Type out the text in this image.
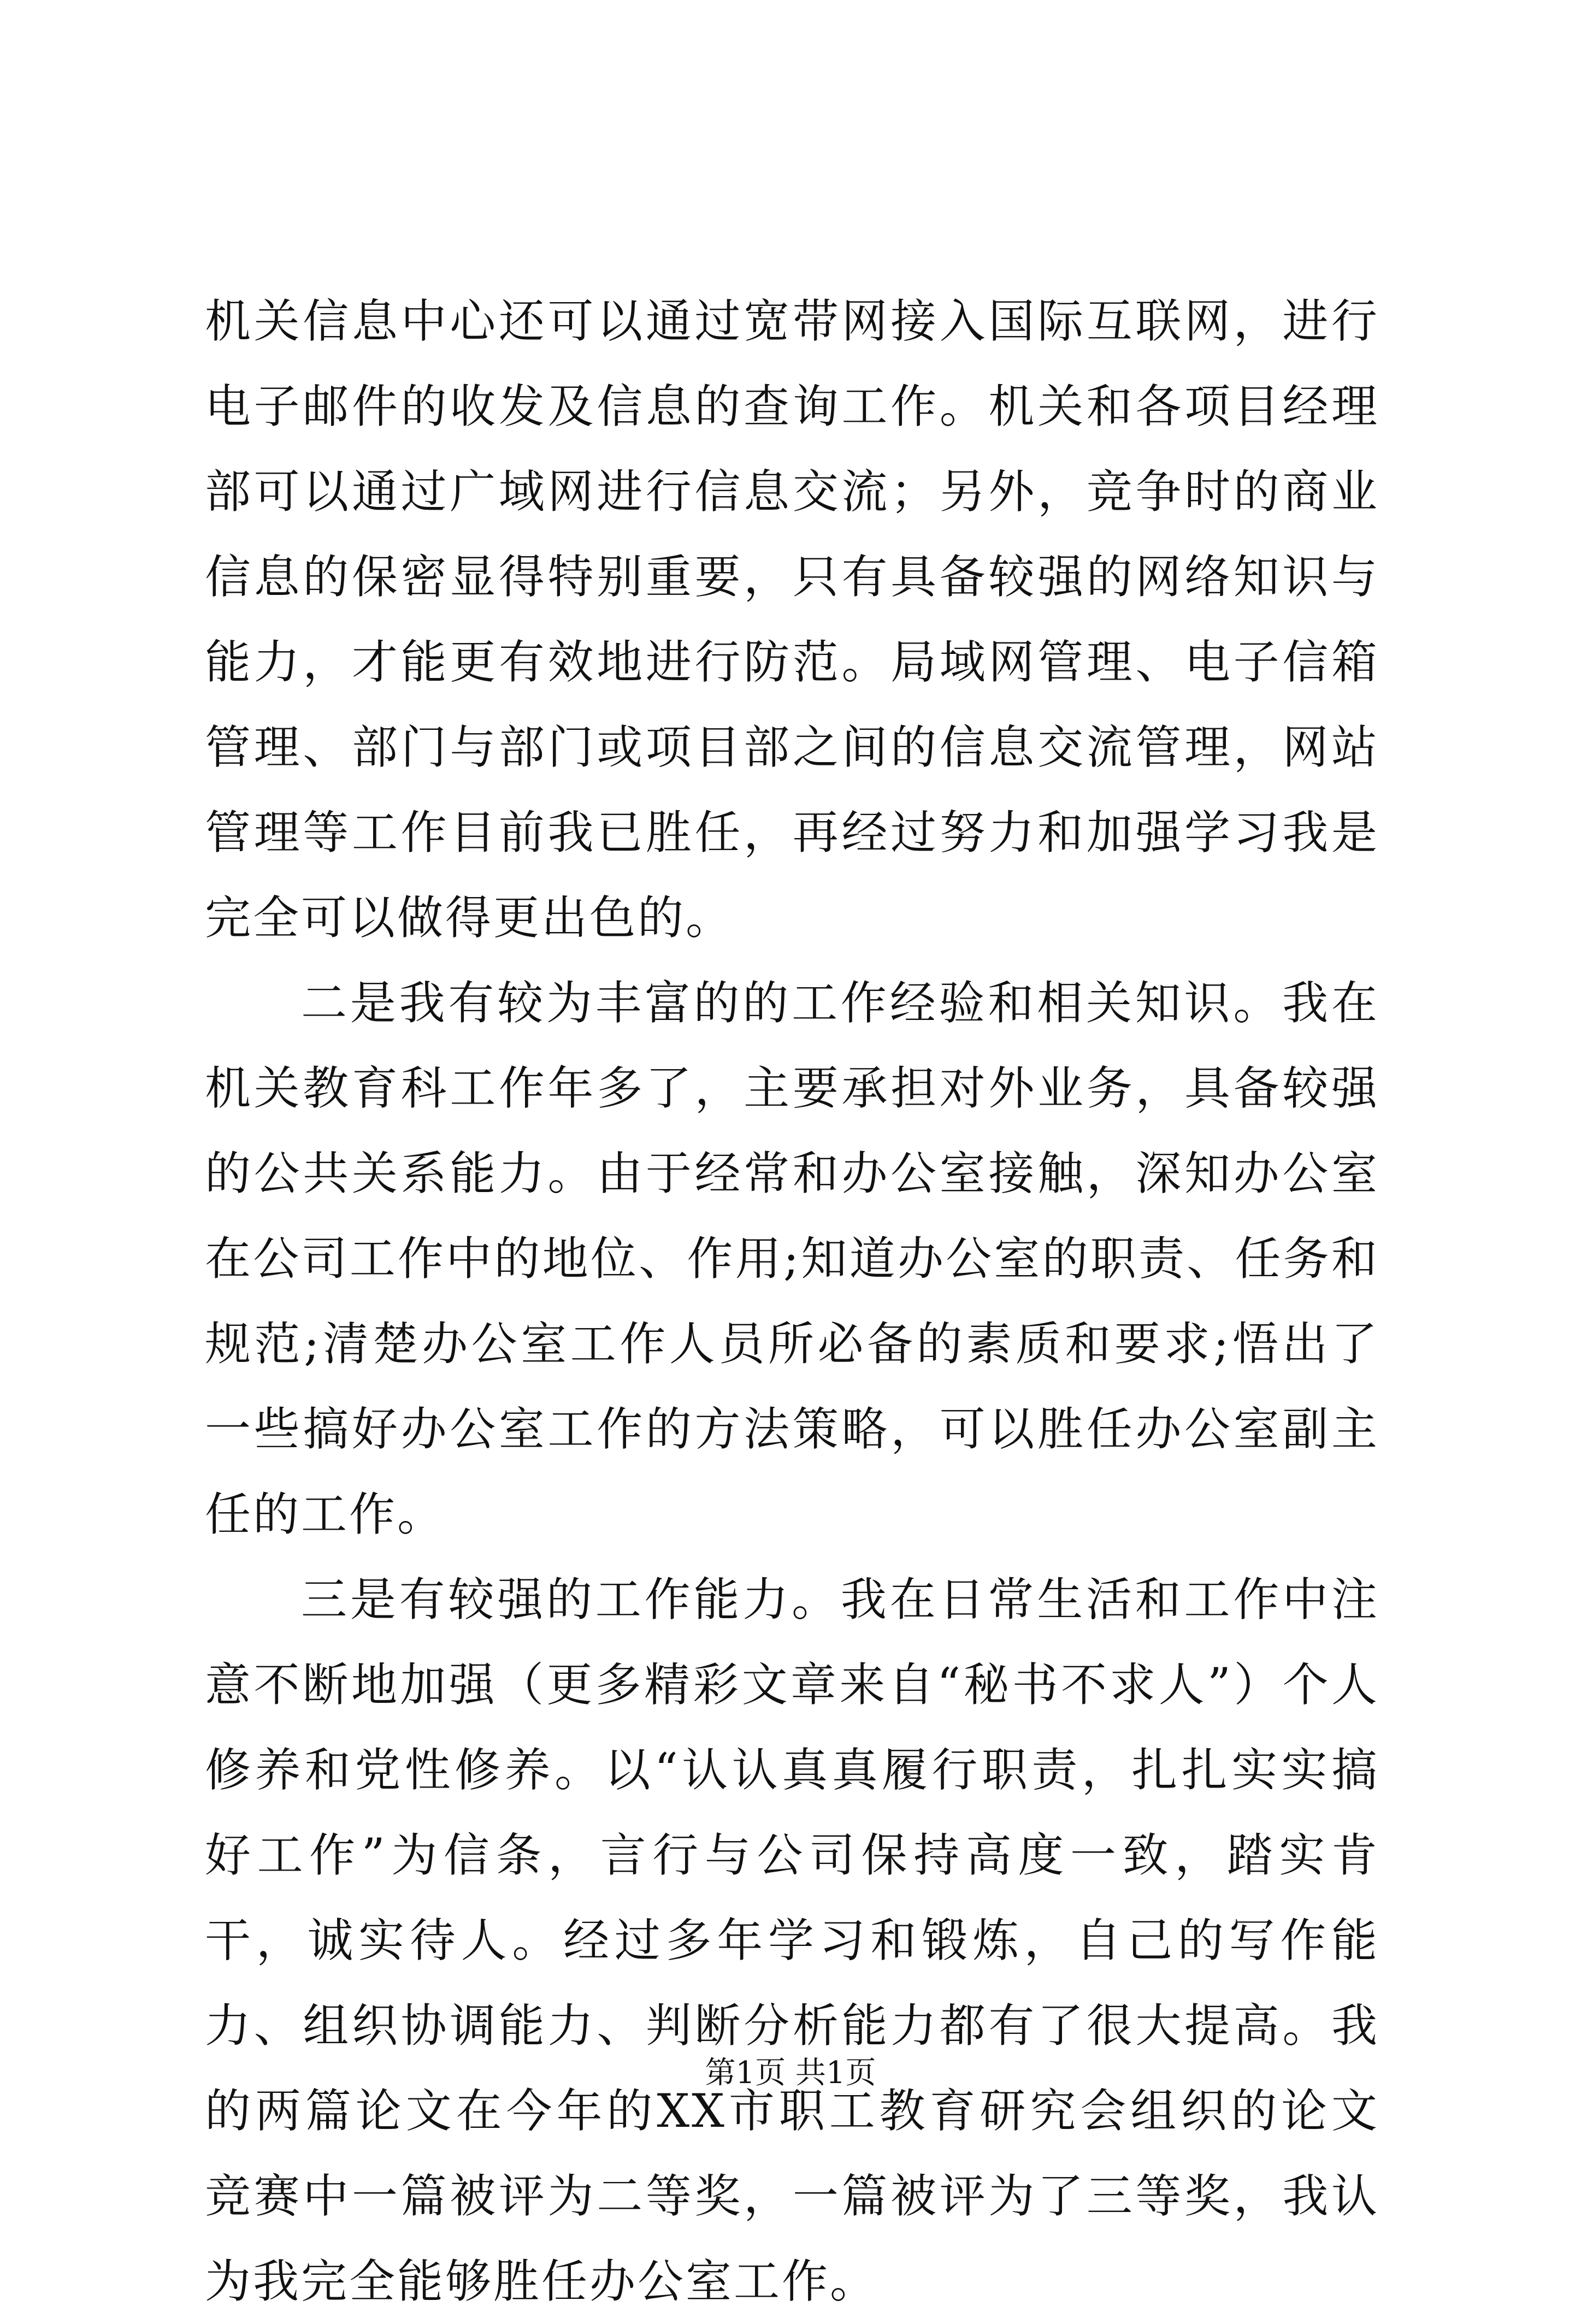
机关信息中心还可以通过宽带网接入国际互联网，进行电子邮件的收发及信息的查询工作。机关和各项目经理部可以通过广域网进行信息交流；另外，竞争时的商业信息的保密显得特别重要，只有具备较强的网络知识与能力，才能更有效地进行防范。局域网管理、电子信箱管理、部门与部门或项目部之间的信息交流管理，网站管理等工作目前我已胜任，再经过努力和加强学习我是完全可以做得更出色的。

二是我有较为丰富的的工作经验和相关知识。我在机关教育科工作年多了，主要承担对外业务，具备较强的公共关系能力。由于经常和办公室接触，深知办公室在公司工作中的地位、作用;知道办公室的职责、任务和规范;清楚办公室工作人员所必备的素质和要求;悟出了一些搞好办公室工作的方法策略，可以胜任办公室副主任的工作。

三是有较强的工作能力。我在日常生活和工作中注意不断地加强（更多精彩文章来自“秘书不求人”）个人修养和党性修养。以“认认真真履行职责，扎扎实实搞好工作”为信条，言行与公司保持高度一致，踏实肯干，诚实待人。经过多年学习和锻炼，自己的写作能力、组织协调能力、判断分析能力都有了很大提高。我的两篇论文在今年的XX市职工教育研究会组织的论文竞赛中一篇被评为二等奖，一篇被评为了三等奖，我认为我完全能够胜任办公室工作。

第1页 共1页
